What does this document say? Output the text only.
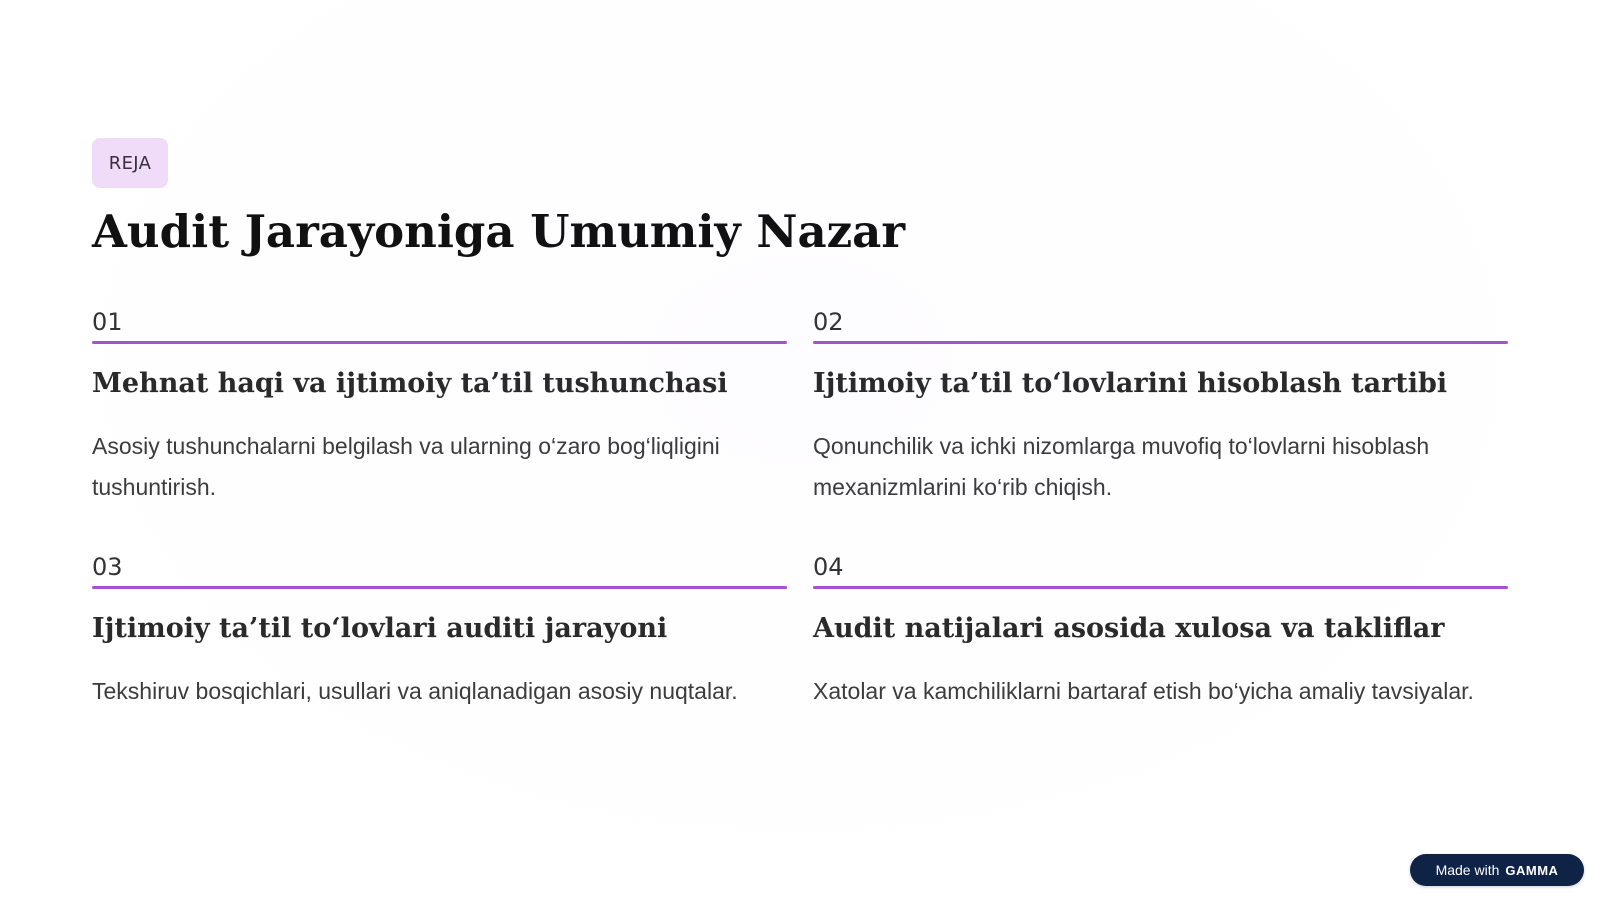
REJA
Audit Jarayoniga Umumiy Nazar
01
Mehnat haqi va ijtimoiy ta’til tushunchasi

Asosiy tushunchalarni belgilash va ularning o‘zaro bog‘liqligini tushuntirish.

02
Ijtimoiy ta’til to‘lovlarini hisoblash tartibi

Qonunchilik va ichki nizomlarga muvofiq to‘lovlarni hisoblash mexanizmlarini ko‘rib chiqish.

03
Ijtimoiy ta’til to‘lovlari auditi jarayoni

Tekshiruv bosqichlari, usullari va aniqlanadigan asosiy nuqtalar.

04
Audit natijalari asosida xulosa va takliflar

Xatolar va kamchiliklarni bartaraf etish bo‘yicha amaliy tavsiyalar.

Made with GAMMA
